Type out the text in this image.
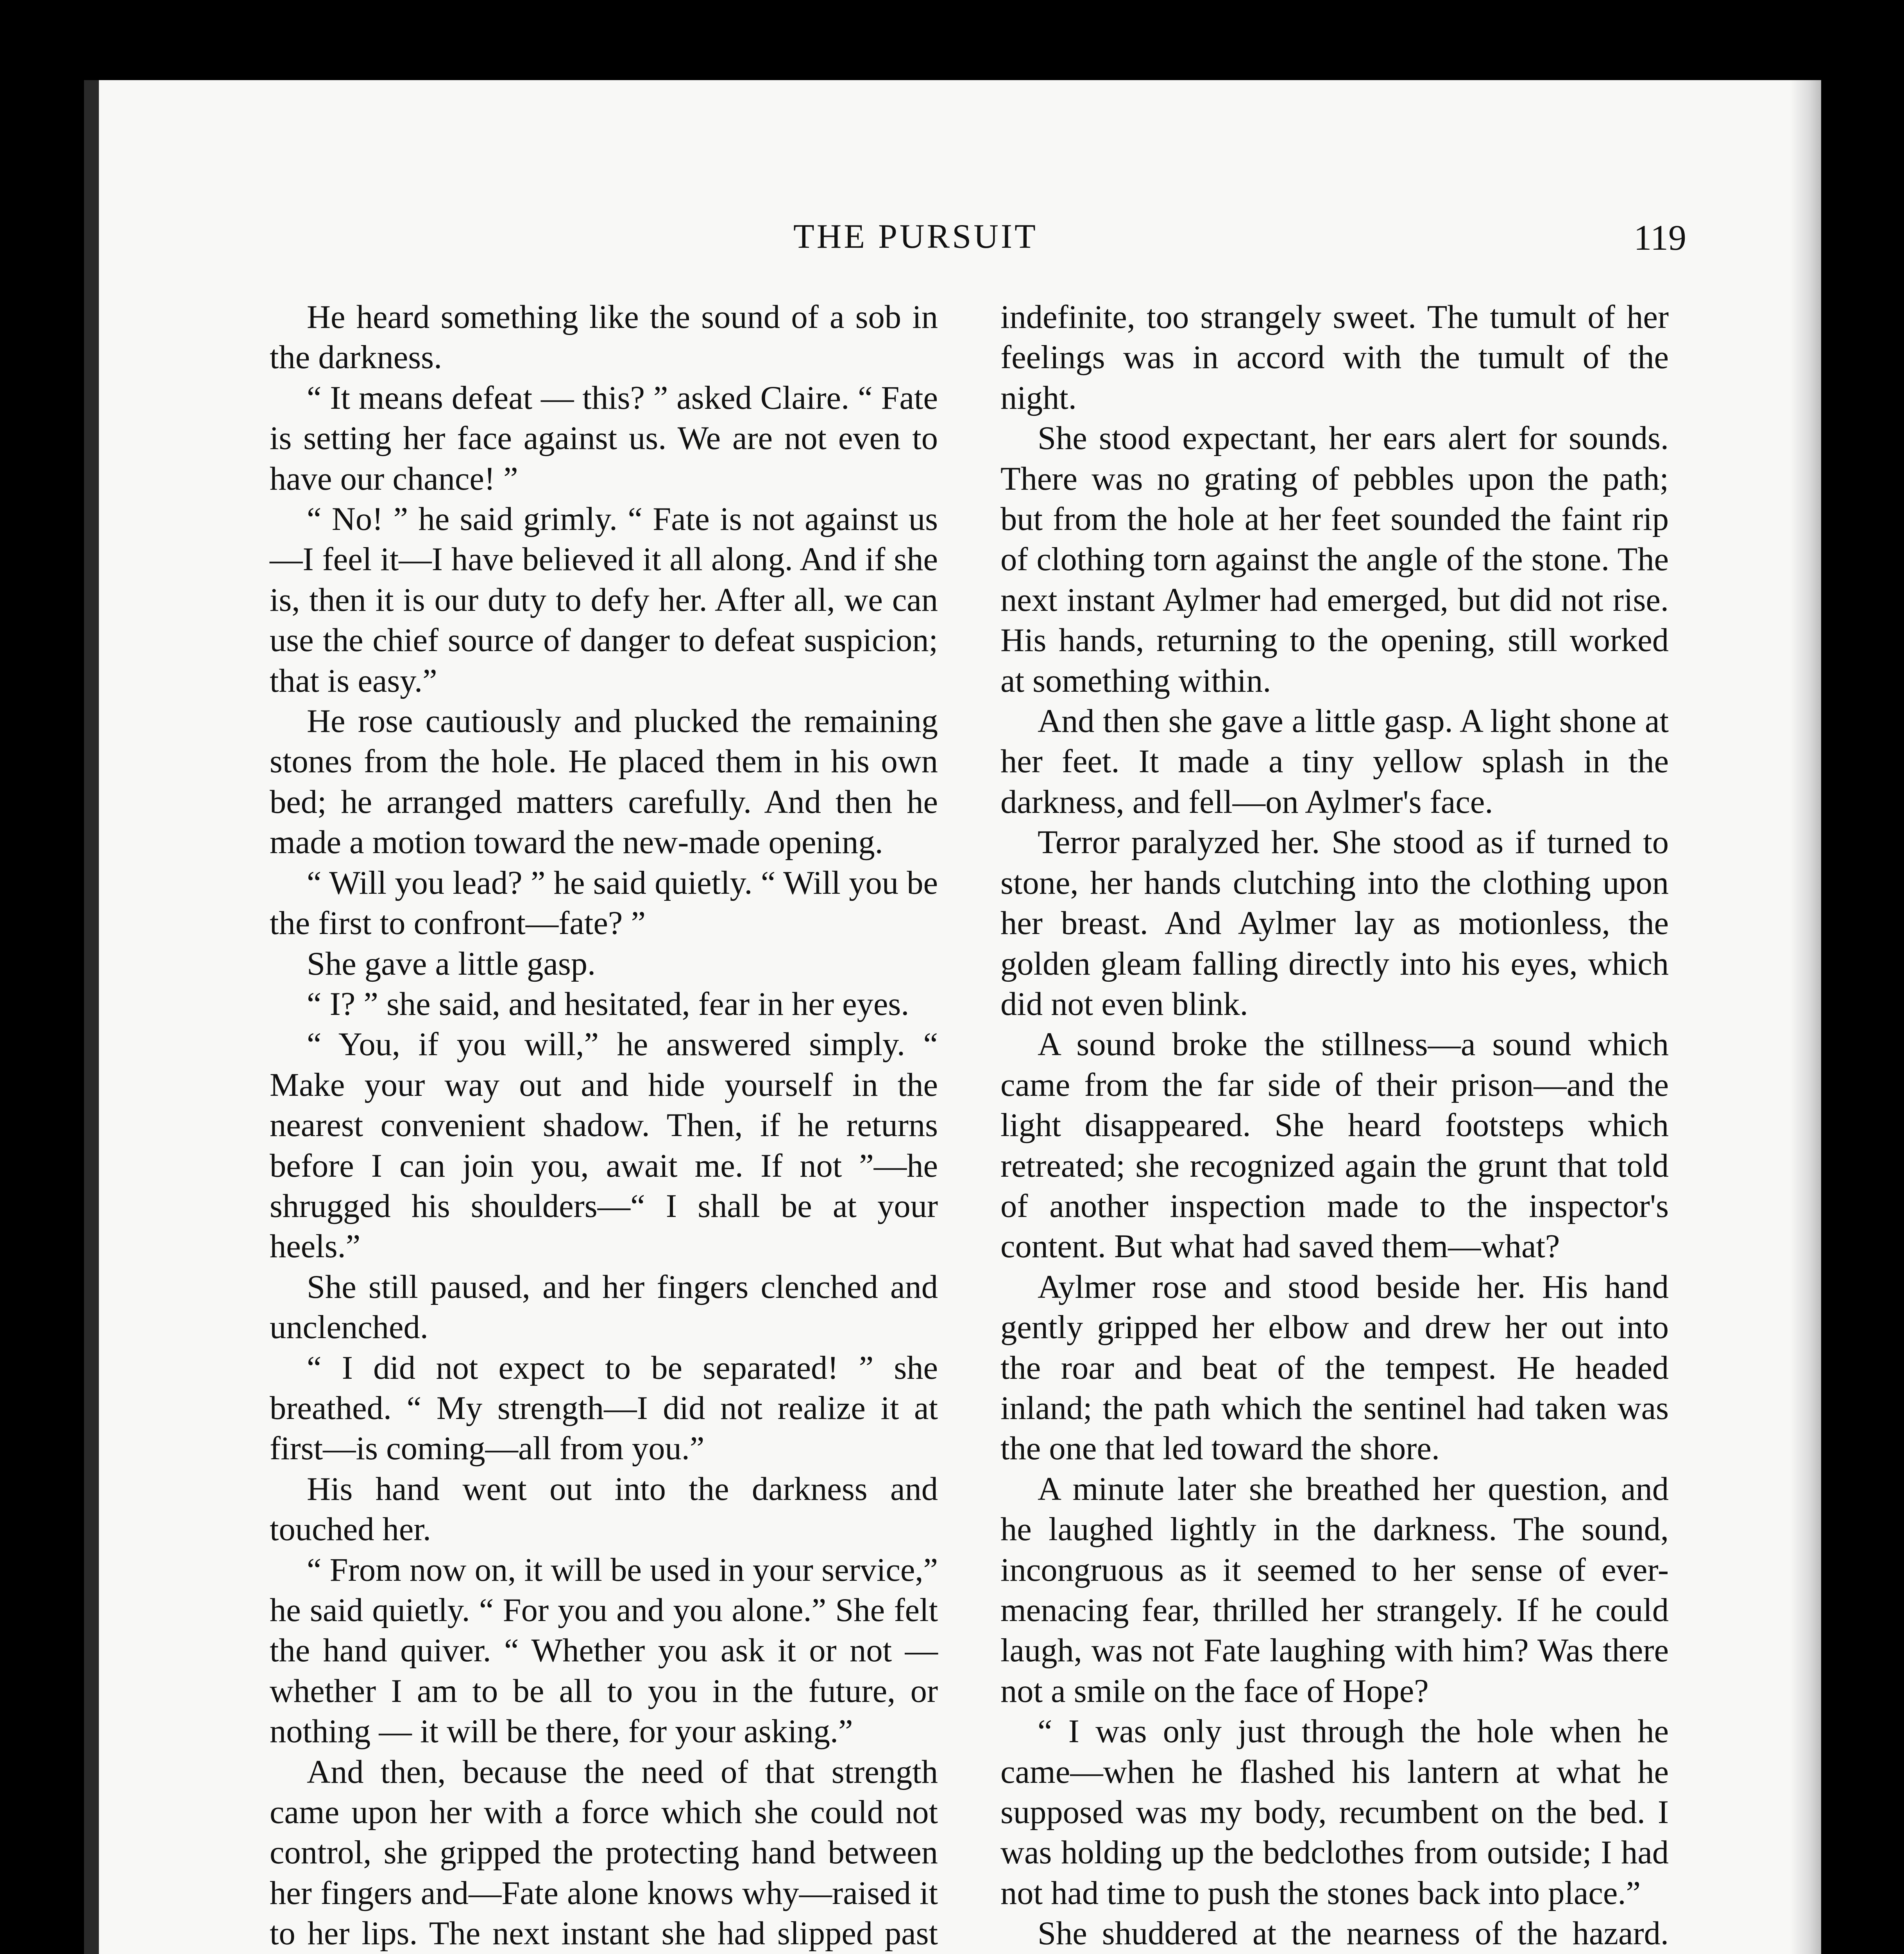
THE PURSUIT	119

He heard something like the sound of a sob in the darkness.

“ It means defeat — this? ” asked Claire. “ Fate is setting her face against us. We are not even to have our chance! ”

“ No! ” he said grimly. “ Fate is not against us—I feel it—I have believed it all along. And if she is, then it is our duty to defy her. After all, we can use the chief source of danger to defeat suspicion; that is easy.”

He rose cautiously and plucked the remaining stones from the hole. He placed them in his own bed; he arranged matters carefully. And then he made a motion toward the new-made opening.

“ Will you lead? ” he said quietly. “ Will you be the first to confront—fate? ”

She gave a little gasp.

“ I? ” she said, and hesitated, fear in her eyes.

“ You, if you will,” he answered simply. “ Make your way out and hide yourself in the nearest convenient shadow. Then, if he returns before I can join you, await me. If not ”—he shrugged his shoulders—“ I shall be at your heels.”

She still paused, and her fingers clenched and unclenched.

“ I did not expect to be separated! ” she breathed. “ My strength—I did not realize it at first—is coming—all from you.”

His hand went out into the darkness and touched her.

“ From now on, it will be used in your service,” he said quietly. “ For you and you alone.” She felt the hand quiver. “ Whether you ask it or not — whether I am to be all to you in the future, or nothing — it will be there, for your asking.”

And then, because the need of that strength came upon her with a force which she could not control, she gripped the protecting hand between her fingers and—Fate alone knows why—raised it to her lips. The next instant she had slipped past

indefinite, too strangely sweet. The tumult of her feelings was in accord with the tumult of the night.

She stood expectant, her ears alert for sounds. There was no grating of pebbles upon the path; but from the hole at her feet sounded the faint rip of clothing torn against the angle of the stone. The next instant Aylmer had emerged, but did not rise. His hands, returning to the opening, still worked at something within.

And then she gave a little gasp. A light shone at her feet. It made a tiny yellow splash in the darkness, and fell—on Aylmer's face.

Terror paralyzed her. She stood as if turned to stone, her hands clutching into the clothing upon her breast. And Aylmer lay as motionless, the golden gleam falling directly into his eyes, which did not even blink.

A sound broke the stillness—a sound which came from the far side of their prison—and the light disappeared. She heard footsteps which retreated; she recognized again the grunt that told of another inspection made to the inspector's content. But what had saved them—what?

Aylmer rose and stood beside her. His hand gently gripped her elbow and drew her out into the roar and beat of the tempest. He headed inland; the path which the sentinel had taken was the one that led toward the shore.

A minute later she breathed her question, and he laughed lightly in the darkness. The sound, incongruous as it seemed to her sense of ever-menacing fear, thrilled her strangely. If he could laugh, was not Fate laughing with him? Was there not a smile on the face of Hope?

“ I was only just through the hole when he came—when he flashed his lantern at what he supposed was my body, recumbent on the bed. I was holding up the bedclothes from outside; I had not had time to push the stones back into place.”

She shuddered at the nearness of the hazard.
